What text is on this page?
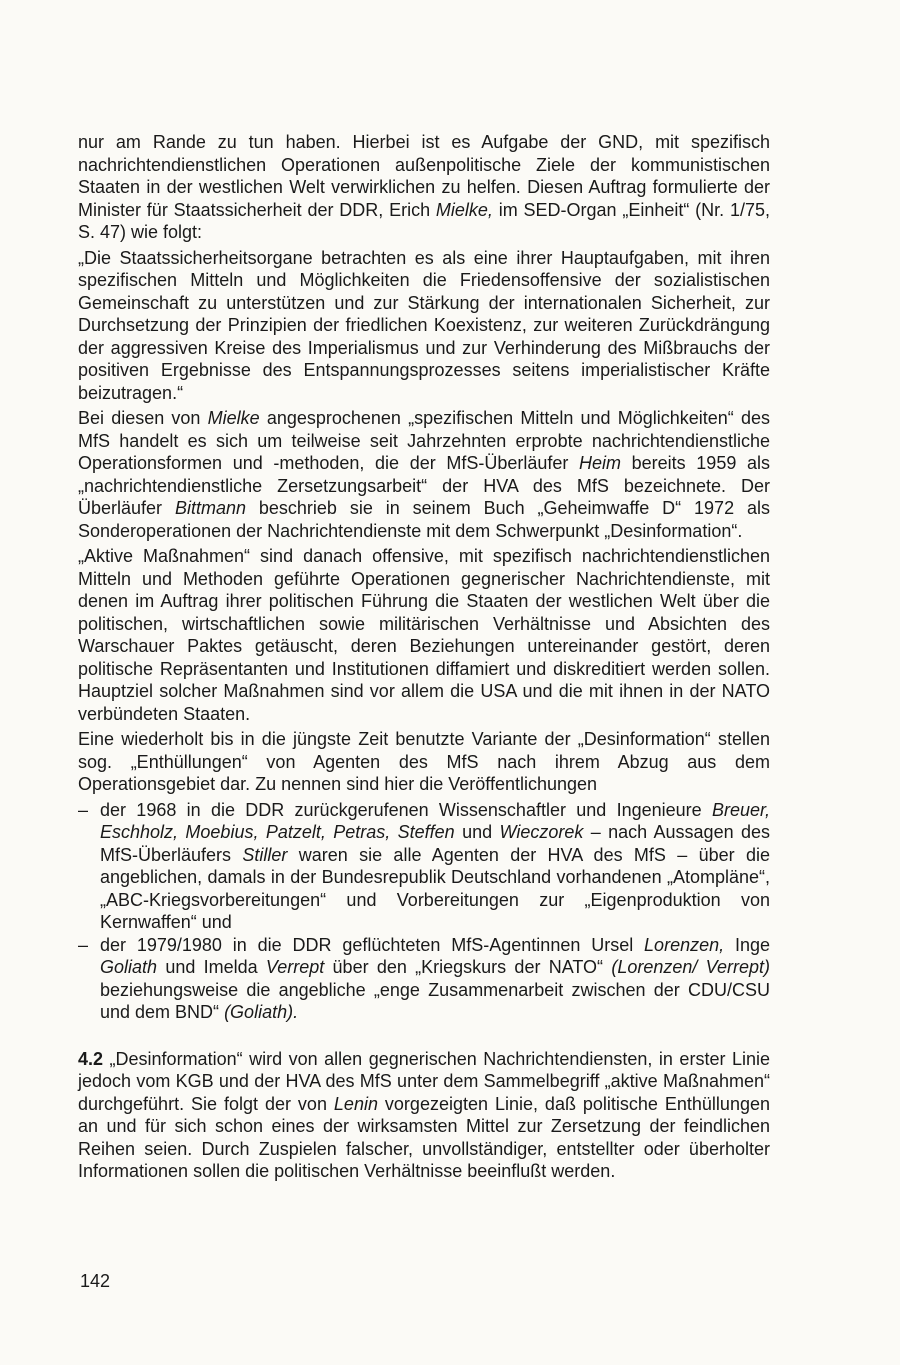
nur am Rande zu tun haben. Hierbei ist es Aufgabe der GND, mit spezifisch nachrichtendienstlichen Operationen außenpolitische Ziele der kommunistischen Staaten in der westlichen Welt verwirklichen zu helfen. Diesen Auftrag formulierte der Minister für Staatssicherheit der DDR, Erich Mielke, im SED-Organ „Einheit“ (Nr. 1/75, S. 47) wie folgt:

„Die Staatssicherheitsorgane betrachten es als eine ihrer Hauptaufgaben, mit ihren spezifischen Mitteln und Möglichkeiten die Friedensoffensive der sozialistischen Gemeinschaft zu unterstützen und zur Stärkung der internationalen Sicherheit, zur Durchsetzung der Prinzipien der friedlichen Koexistenz, zur weiteren Zurückdrängung der aggressiven Kreise des Imperialismus und zur Verhinderung des Mißbrauchs der positiven Ergebnisse des Entspannungsprozesses seitens imperialistischer Kräfte beizutragen.“

Bei diesen von Mielke angesprochenen „spezifischen Mitteln und Möglichkeiten“ des MfS handelt es sich um teilweise seit Jahrzehnten erprobte nachrichtendienstliche Operationsformen und -methoden, die der MfS-Überläufer Heim bereits 1959 als „nachrichtendienstliche Zersetzungsarbeit“ der HVA des MfS bezeichnete. Der Überläufer Bittmann beschrieb sie in seinem Buch „Geheimwaffe D“ 1972 als Sonderoperationen der Nachrichtendienste mit dem Schwerpunkt „Desinformation“.

„Aktive Maßnahmen“ sind danach offensive, mit spezifisch nachrichtendienstlichen Mitteln und Methoden geführte Operationen gegnerischer Nachrichtendienste, mit denen im Auftrag ihrer politischen Führung die Staaten der westlichen Welt über die politischen, wirtschaftlichen sowie militärischen Verhältnisse und Absichten des Warschauer Paktes getäuscht, deren Beziehungen untereinander gestört, deren politische Repräsentanten und Institutionen diffamiert und diskreditiert werden sollen. Hauptziel solcher Maßnahmen sind vor allem die USA und die mit ihnen in der NATO verbündeten Staaten.

Eine wiederholt bis in die jüngste Zeit benutzte Variante der „Desinformation“ stellen sog. „Enthüllungen“ von Agenten des MfS nach ihrem Abzug aus dem Operationsgebiet dar. Zu nennen sind hier die Veröffentlichungen

– der 1968 in die DDR zurückgerufenen Wissenschaftler und Ingenieure Breuer, Eschholz, Moebius, Patzelt, Petras, Steffen und Wieczorek – nach Aussagen des MfS-Überläufers Stiller waren sie alle Agenten der HVA des MfS – über die angeblichen, damals in der Bundesrepublik Deutschland vorhandenen „Atompläne“, „ABC-Kriegsvorbereitungen“ und Vorbereitungen zur „Eigenproduktion von Kernwaffen“ und
– der 1979/1980 in die DDR geflüchteten MfS-Agentinnen Ursel Lorenzen, Inge Goliath und Imelda Verrept über den „Kriegskurs der NATO“ (Lorenzen/ Verrept) beziehungsweise die angebliche „enge Zusammenarbeit zwischen der CDU/CSU und dem BND“ (Goliath).

4.2 „Desinformation“ wird von allen gegnerischen Nachrichtendiensten, in erster Linie jedoch vom KGB und der HVA des MfS unter dem Sammelbegriff „aktive Maßnahmen“ durchgeführt. Sie folgt der von Lenin vorgezeigten Linie, daß politische Enthüllungen an und für sich schon eines der wirksamsten Mittel zur Zersetzung der feindlichen Reihen seien. Durch Zuspielen falscher, unvollständiger, entstellter oder überholter Informationen sollen die politischen Verhältnisse beeinflußt werden.

142
